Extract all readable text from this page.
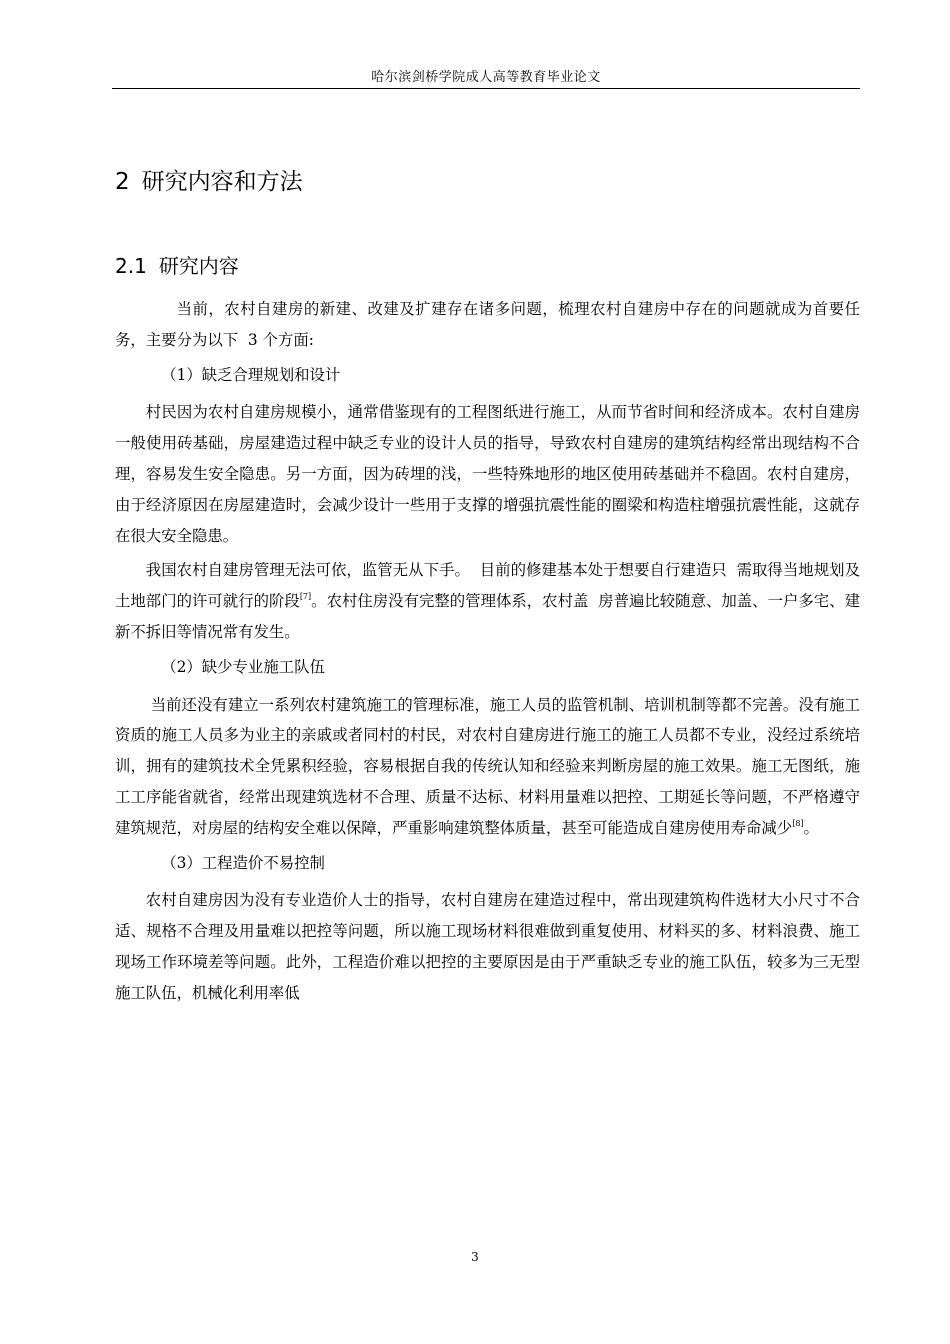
哈尔滨剑桥学院成人高等教育毕业论文
2 研究内容和方法
2.1 研究内容

当前，农村自建房的新建、改建及扩建存在诸多问题，梳理农村自建房中存在的问题就成为首要任务，主要分为以下  3 个方面:

（1）缺乏合理规划和设计

村民因为农村自建房规模小，通常借鉴现有的工程图纸进行施工，从而节省时间和经济成本。农村自建房一般使用砖基础，房屋建造过程中缺乏专业的设计人员的指导，导致农村自建房的建筑结构经常出现结构不合理，容易发生安全隐患。另一方面，因为砖埋的浅，一些特殊地形的地区使用砖基础并不稳固。农村自建房，由于经济原因在房屋建造时，会减少设计一些用于支撑的增强抗震性能的圈梁和构造柱增强抗震性能，这就存在很大安全隐患。

我国农村自建房管理无法可依，监管无从下手。  目前的修建基本处于想要自行建造只  需取得当地规划及土地部门的许可就行的阶段[7]。农村住房没有完整的管理体系，农村盖  房普遍比较随意、加盖、一户多宅、建新不拆旧等情况常有发生。

（2）缺少专业施工队伍

当前还没有建立一系列农村建筑施工的管理标准，施工人员的监管机制、培训机制等都不完善。没有施工资质的施工人员多为业主的亲戚或者同村的村民，对农村自建房进行施工的施工人员都不专业，没经过系统培训，拥有的建筑技术全凭累积经验，容易根据自我的传统认知和经验来判断房屋的施工效果。施工无图纸，施工工序能省就省，经常出现建筑选材不合理、质量不达标、材料用量难以把控、工期延长等问题，不严格遵守建筑规范，对房屋的结构安全难以保障，严重影响建筑整体质量，甚至可能造成自建房使用寿命减少[8]。

（3）工程造价不易控制

农村自建房因为没有专业造价人士的指导，农村自建房在建造过程中，常出现建筑构件选材大小尺寸不合适、规格不合理及用量难以把控等问题，所以施工现场材料很难做到重复使用、材料买的多、材料浪费、施工现场工作环境差等问题。此外，工程造价难以把控的主要原因是由于严重缺乏专业的施工队伍，较多为三无型施工队伍，机械化利用率低

3
